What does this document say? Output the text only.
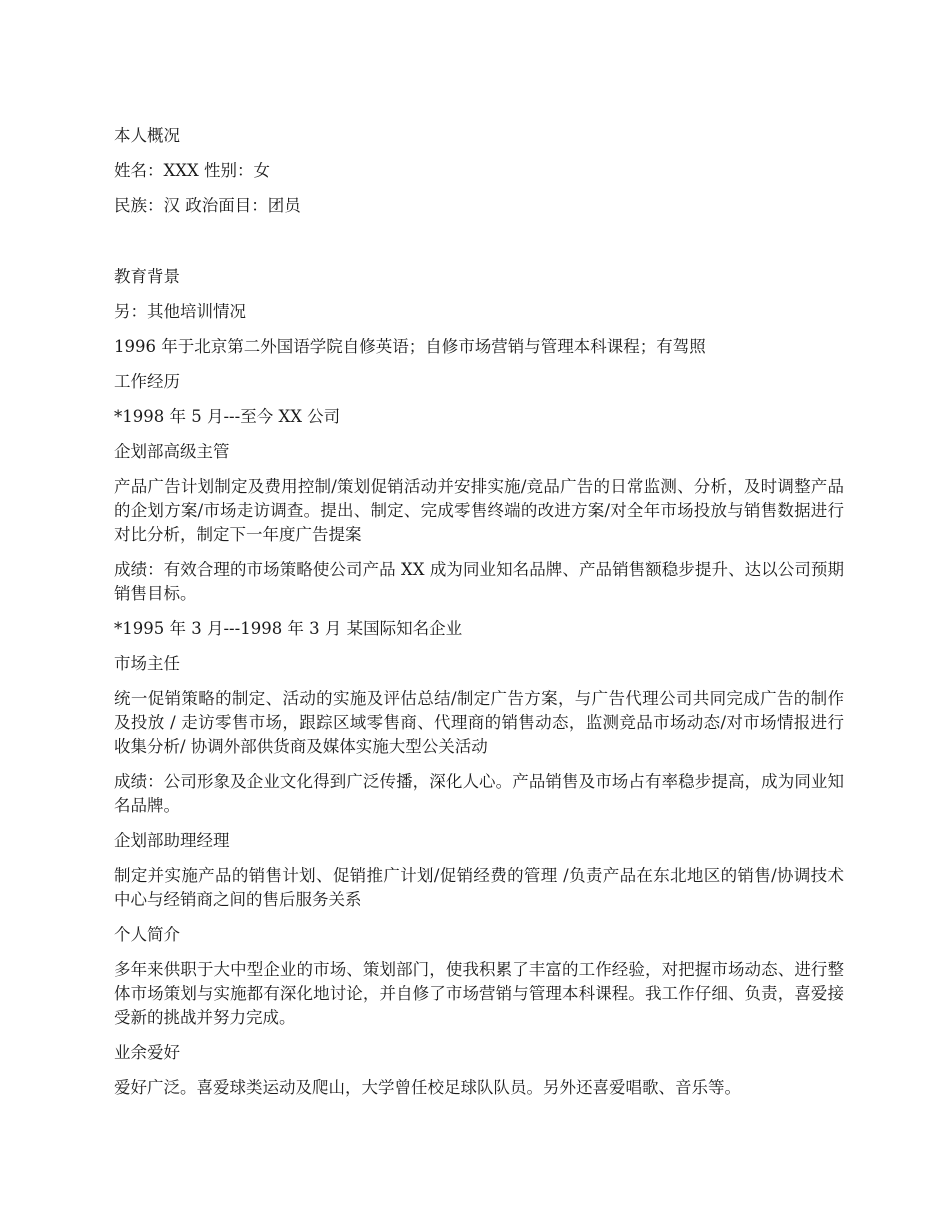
本人概况

姓名：XXX 性别：女

民族：汉 政治面目：团员

教育背景

另：其他培训情况

1996 年于北京第二外国语学院自修英语；自修市场营销与管理本科课程；有驾照

工作经历

*1998 年 5 月---至今 XX 公司

企划部高级主管

产品广告计划制定及费用控制/策划促销活动并安排实施/竞品广告的日常监测、分析，及时调整产品的企划方案/市场走访调查。提出、制定、完成零售终端的改进方案/对全年市场投放与销售数据进行对比分析，制定下一年度广告提案

成绩：有效合理的市场策略使公司产品 XX 成为同业知名品牌、产品销售额稳步提升、达以公司预期销售目标。

*1995 年 3 月---1998 年 3 月 某国际知名企业

市场主任

统一促销策略的制定、活动的实施及评估总结/制定广告方案，与广告代理公司共同完成广告的制作及投放 / 走访零售市场，跟踪区域零售商、代理商的销售动态，监测竞品市场动态/对市场情报进行收集分析/ 协调外部供货商及媒体实施大型公关活动

成绩：公司形象及企业文化得到广泛传播，深化人心。产品销售及市场占有率稳步提高，成为同业知名品牌。

企划部助理经理

制定并实施产品的销售计划、促销推广计划/促销经费的管理 /负责产品在东北地区的销售/协调技术中心与经销商之间的售后服务关系

个人简介

多年来供职于大中型企业的市场、策划部门，使我积累了丰富的工作经验，对把握市场动态、进行整体市场策划与实施都有深化地讨论，并自修了市场营销与管理本科课程。我工作仔细、负责，喜爱接受新的挑战并努力完成。

业余爱好

爱好广泛。喜爱球类运动及爬山，大学曾任校足球队队员。另外还喜爱唱歌、音乐等。
